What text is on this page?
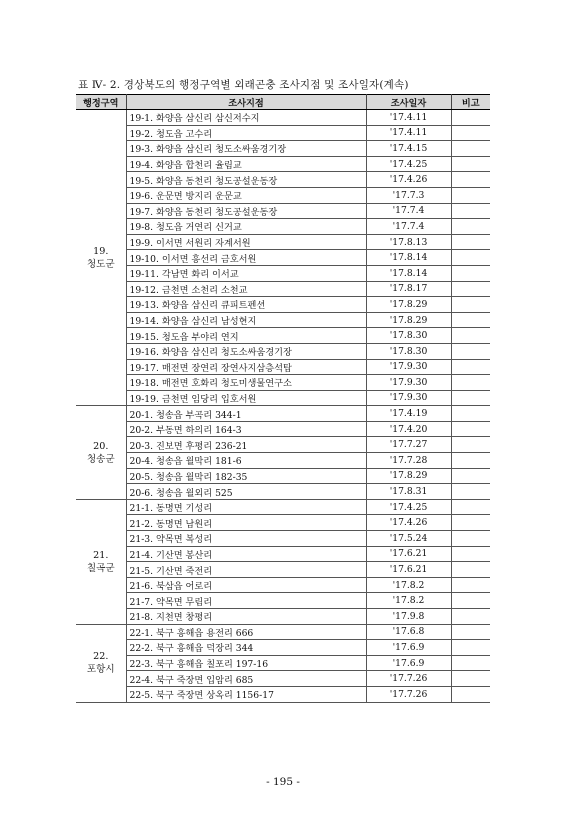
표 Ⅳ- 2. 경상북도의 행정구역별 외래곤충 조사지점 및 조사일자(계속)
행정구역	조사지점	조사일자	비고

19.
청도군	19-1. 화양읍 삼신리 삼신저수지	'17.4.11	
	19-2. 청도읍 고수리	'17.4.11	
	19-3. 화양읍 삼신리 청도소싸움경기장	'17.4.15	
	19-4. 화양읍 합천리 율림교	'17.4.25	
	19-5. 화양읍 동천리 청도공설운동장	'17.4.26	
	19-6. 운문면 방지리 운문교	'17.7.3	
	19-7. 화양읍 동천리 청도공설운동장	'17.7.4	
	19-8. 청도읍 거연리 신거교	'17.7.4	
	19-9. 이서면 서원리 자계서원	'17.8.13	
	19-10. 이서면 흥선리 금호서원	'17.8.14	
	19-11. 각남면 화리 이서교	'17.8.14	
	19-12. 금천면 소천리 소천교	'17.8.17	
	19-13. 화양읍 삼신리 큐피트펜션	'17.8.29	
	19-14. 화양읍 삼신리 남성현지	'17.8.29	
	19-15. 청도읍 부야리 연지	'17.8.30	
	19-16. 화양읍 삼신리 청도소싸움경기장	'17.8.30	
	19-17. 매전면 장연리 장연사지삼층석탑	'17.9.30	
	19-18. 매전면 호화리 청도미생물연구소	'17.9.30	
	19-19. 금천면 임당리 입호서원	'17.9.30	

20.
청송군	20-1. 청송읍 부곡리 344-1	'17.4.19	
	20-2. 부동면 하의리 164-3	'17.4.20	
	20-3. 진보면 후평리 236-21	'17.7.27	
	20-4. 청송읍 월막리 181-6	'17.7.28	
	20-5. 청송읍 월막리 182-35	'17.8.29	
	20-6. 청송읍 월외리 525	'17.8.31	

21.
칠곡군	21-1. 동명면 기성리	'17.4.25	
	21-2. 동명면 남원리	'17.4.26	
	21-3. 약목면 복성리	'17.5.24	
	21-4. 기산면 봉산리	'17.6.21	
	21-5. 기산면 죽전리	'17.6.21	
	21-6. 북삼읍 어로리	'17.8.2	
	21-7. 약목면 무림리	'17.8.2	
	21-8. 지천면 창평리	'17.9.8	

22.
포항시	22-1. 북구 흥해읍 용전리 666	'17.6.8	
	22-2. 북구 흥해읍 덕장리 344	'17.6.9	
	22-3. 북구 흥해읍 칠포리 197-16	'17.6.9	
	22-4. 북구 죽장면 입암리 685	'17.7.26	
	22-5. 북구 죽장면 상옥리 1156-17	'17.7.26	
- 195 -
